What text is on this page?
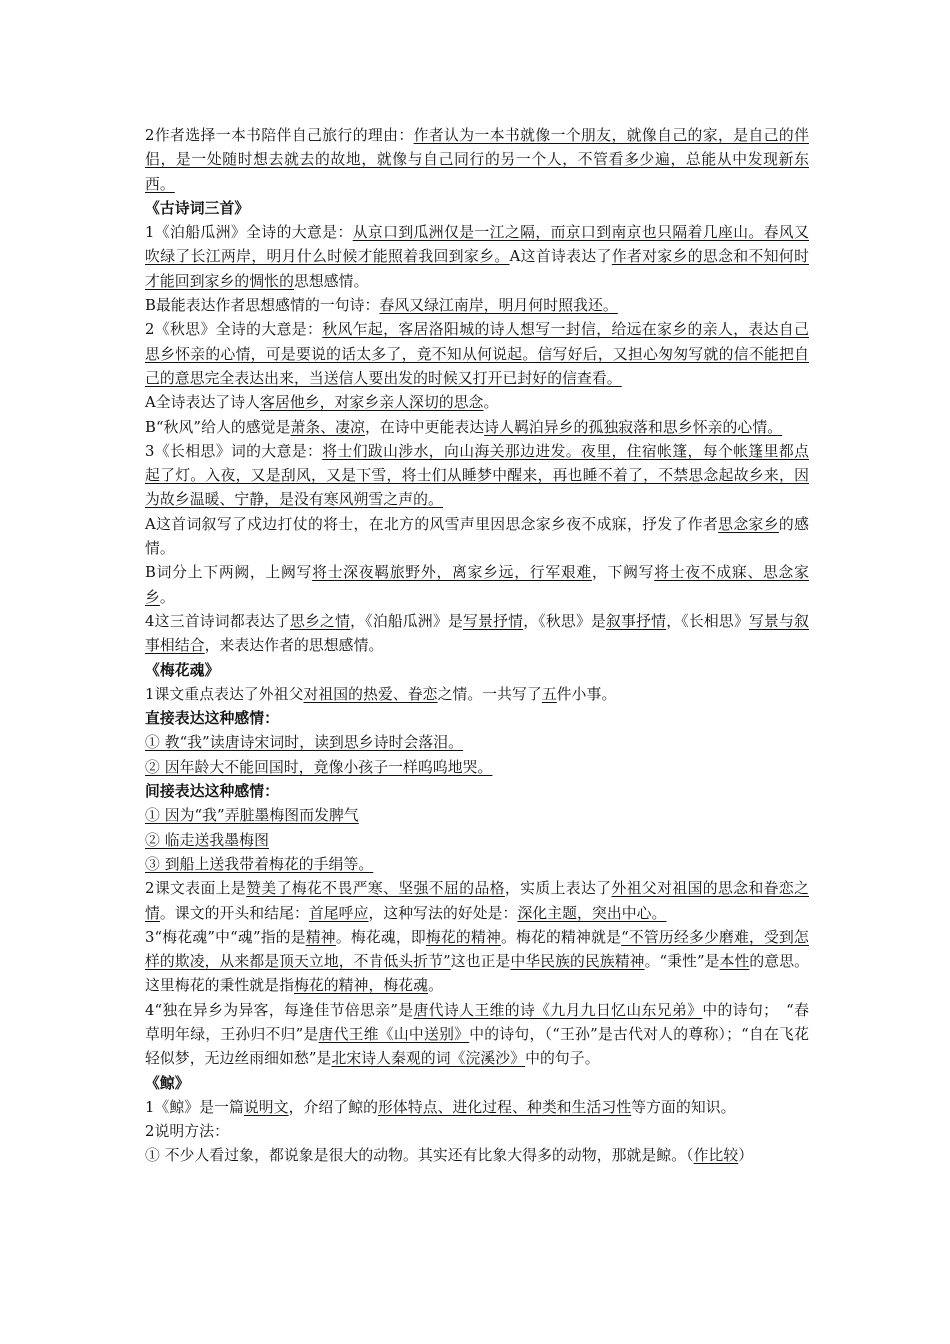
2作者选择一本书陪伴自己旅行的理由：作者认为一本书就像一个朋友，就像自己的家，是自己的伴侣，是一处随时想去就去的故地，就像与自己同行的另一个人，不管看多少遍，总能从中发现新东西。

《古诗词三首》

1《泊船瓜洲》全诗的大意是：从京口到瓜洲仅是一江之隔，而京口到南京也只隔着几座山。春风又吹绿了长江两岸，明月什么时候才能照着我回到家乡。A这首诗表达了作者对家乡的思念和不知何时才能回到家乡的惆怅的思想感情。

B最能表达作者思想感情的一句诗：春风又绿江南岸，明月何时照我还。

2《秋思》全诗的大意是：秋风乍起，客居洛阳城的诗人想写一封信，给远在家乡的亲人，表达自己思乡怀亲的心情，可是要说的话太多了，竟不知从何说起。信写好后，又担心匆匆写就的信不能把自己的意思完全表达出来，当送信人要出发的时候又打开已封好的信查看。

A全诗表达了诗人客居他乡，对家乡亲人深切的思念。

B“秋风”给人的感觉是萧条、凄凉，在诗中更能表达诗人羁泊异乡的孤独寂落和思乡怀亲的心情。

3《长相思》词的大意是：将士们跋山涉水，向山海关那边进发。夜里，住宿帐篷，每个帐篷里都点起了灯。入夜，又是刮风，又是下雪，将士们从睡梦中醒来，再也睡不着了，不禁思念起故乡来，因为故乡温暖、宁静，是没有寒风朔雪之声的。

A这首词叙写了戍边打仗的将士，在北方的风雪声里因思念家乡夜不成寐，抒发了作者思念家乡的感情。

B词分上下两阙，上阙写将士深夜羁旅野外，离家乡远，行军艰难，下阙写将士夜不成寐、思念家乡。

4这三首诗词都表达了思乡之情，《泊船瓜洲》是写景抒情，《秋思》是叙事抒情，《长相思》写景与叙事相结合，来表达作者的思想感情。

《梅花魂》

1课文重点表达了外祖父对祖国的热爱、眷恋之情。一共写了五件小事。

直接表达这种感情：

① 教“我”读唐诗宋词时，读到思乡诗时会落泪。

② 因年龄大不能回国时，竟像小孩子一样呜呜地哭。

间接表达这种感情：

① 因为“我”弄脏墨梅图而发脾气

② 临走送我墨梅图

③ 到船上送我带着梅花的手绢等。

2课文表面上是赞美了梅花不畏严寒、坚强不屈的品格，实质上表达了外祖父对祖国的思念和眷恋之情。课文的开头和结尾：首尾呼应，这种写法的好处是：深化主题，突出中心。

3“梅花魂”中“魂”指的是精神。梅花魂，即梅花的精神。梅花的精神就是“不管历经多少磨难，受到怎样的欺凌，从来都是顶天立地，不肯低头折节”这也正是中华民族的民族精神。“秉性”是本性的意思。这里梅花的秉性就是指梅花的精神，梅花魂。

4“独在异乡为异客，每逢佳节倍思亲”是唐代诗人王维的诗《九月九日忆山东兄弟》中的诗句；　“春草明年绿，王孙归不归”是唐代王维《山中送别》中的诗句，（“王孙”是古代对人的尊称）；“自在飞花轻似梦，无边丝雨细如愁”是北宋诗人秦观的词《浣溪沙》中的句子。

《鲸》

1《鲸》是一篇说明文，介绍了鲸的形体特点、进化过程、种类和生活习性等方面的知识。

2说明方法：

① 不少人看过象，都说象是很大的动物。其实还有比象大得多的动物，那就是鲸。（作比较）
